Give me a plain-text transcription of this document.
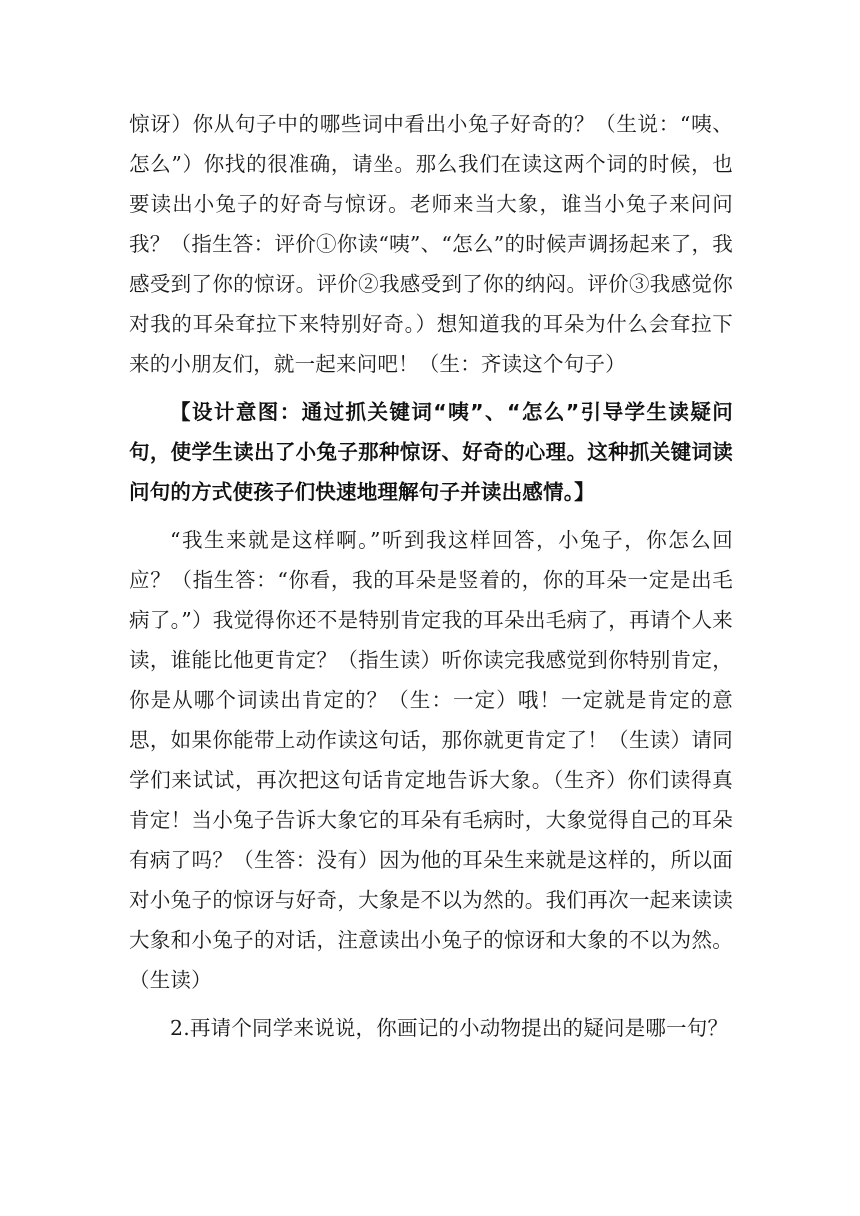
惊讶）你从句子中的哪些词中看出小兔子好奇的？（生说：“咦、怎么”）你找的很准确，请坐。那么我们在读这两个词的时候，也要读出小兔子的好奇与惊讶。老师来当大象，谁当小兔子来问问我？（指生答：评价①你读“咦”、“怎么”的时候声调扬起来了，我感受到了你的惊讶。评价②我感受到了你的纳闷。评价③我感觉你对我的耳朵耷拉下来特别好奇。）想知道我的耳朵为什么会耷拉下来的小朋友们，就一起来问吧！（生：齐读这个句子）

【设计意图：通过抓关键词“咦”、“怎么”引导学生读疑问句，使学生读出了小兔子那种惊讶、好奇的心理。这种抓关键词读问句的方式使孩子们快速地理解句子并读出感情。】

“我生来就是这样啊。”听到我这样回答，小兔子，你怎么回应？（指生答：“你看，我的耳朵是竖着的，你的耳朵一定是出毛病了。”）我觉得你还不是特别肯定我的耳朵出毛病了，再请个人来读，谁能比他更肯定？（指生读）听你读完我感觉到你特别肯定，你是从哪个词读出肯定的？（生：一定）哦！一定就是肯定的意思，如果你能带上动作读这句话，那你就更肯定了！（生读）请同学们来试试，再次把这句话肯定地告诉大象。（生齐）你们读得真肯定！当小兔子告诉大象它的耳朵有毛病时，大象觉得自己的耳朵有病了吗？（生答：没有）因为他的耳朵生来就是这样的，所以面对小兔子的惊讶与好奇，大象是不以为然的。我们再次一起来读读大象和小兔子的对话，注意读出小兔子的惊讶和大象的不以为然。（生读）

2.再请个同学来说说，你画记的小动物提出的疑问是哪一句？
